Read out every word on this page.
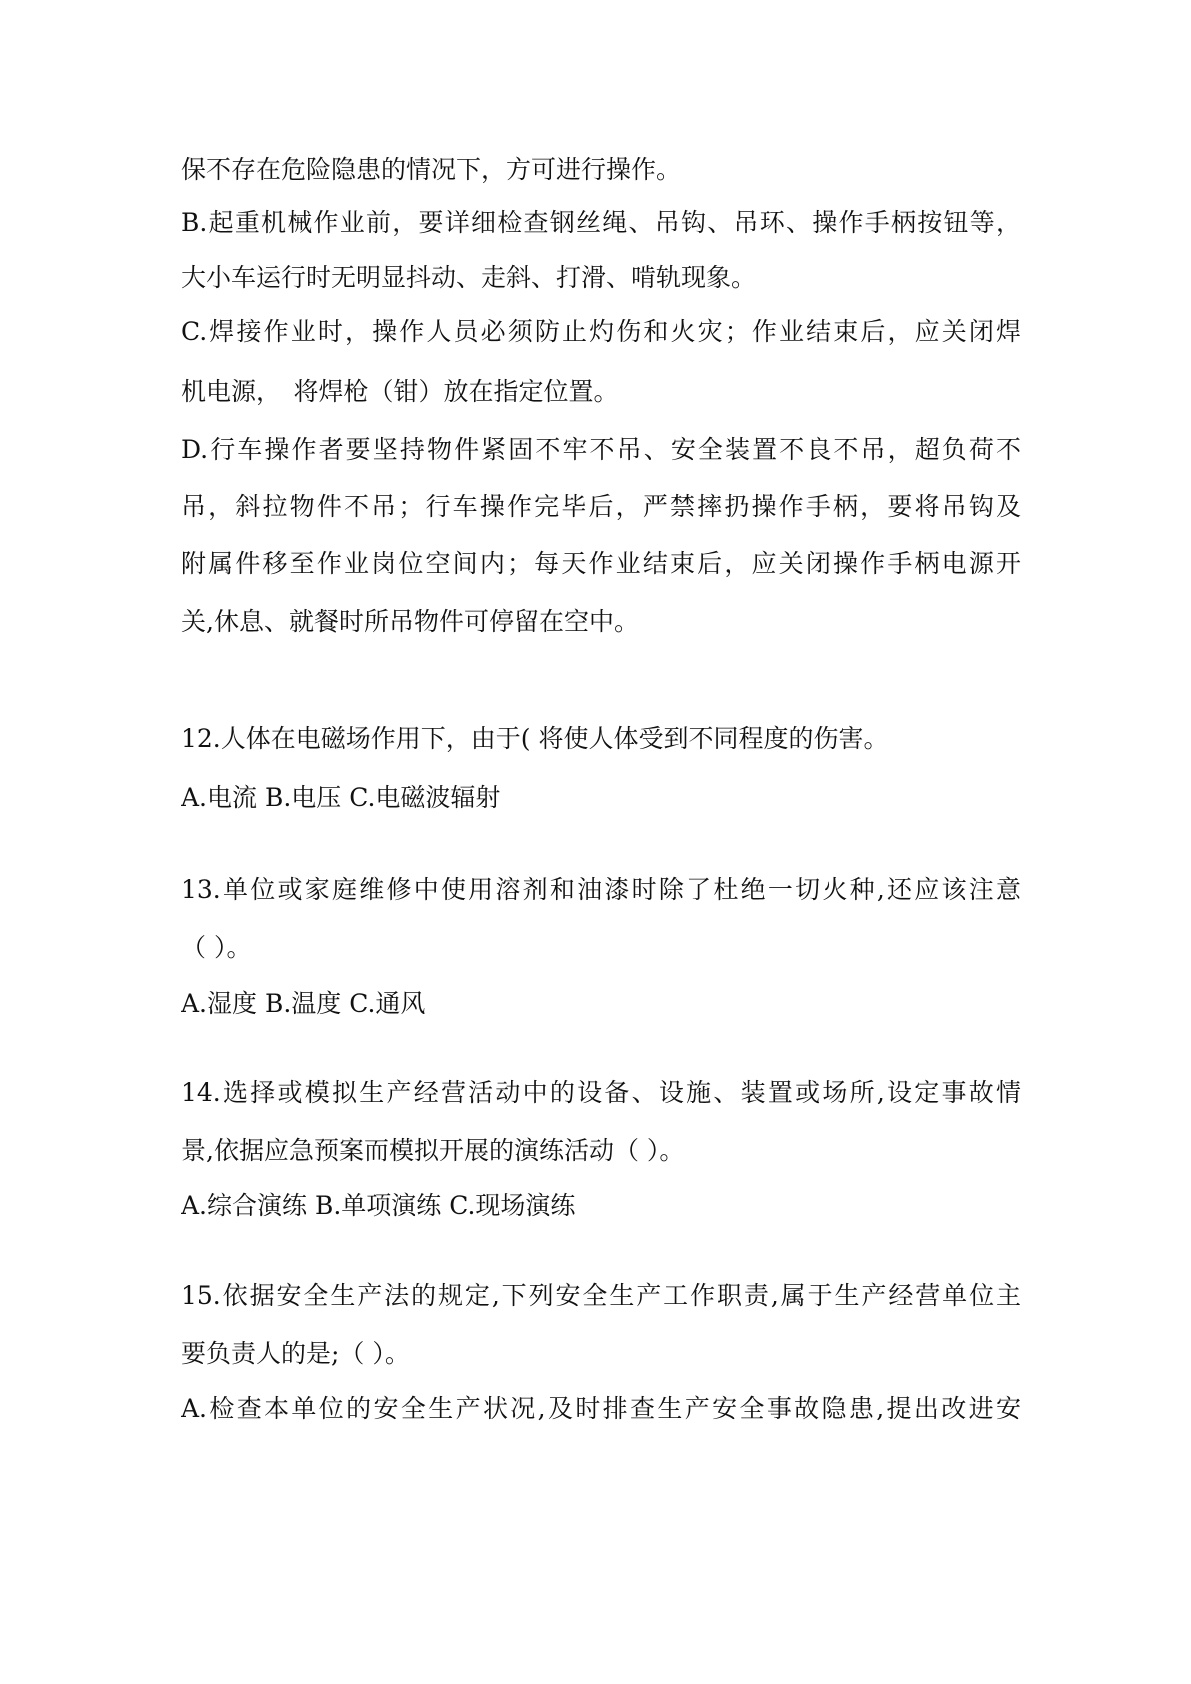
保不存在危险隐患的情况下，方可进行操作。
B.起重机械作业前，要详细检查钢丝绳、吊钩、吊环、操作手柄按钮等，
大小车运行时无明显抖动、走斜、打滑、啃轨现象。
C.焊接作业时，操作人员必须防止灼伤和火灾；作业结束后，应关闭焊
机电源，　将焊枪（钳）放在指定位置。
D.行车操作者要坚持物件紧固不牢不吊、安全装置不良不吊，超负荷不
吊，斜拉物件不吊；行车操作完毕后，严禁摔扔操作手柄，要将吊钩及
附属件移至作业岗位空间内；每天作业结束后，应关闭操作手柄电源开
关,休息、就餐时所吊物件可停留在空中。
12.人体在电磁场作用下，由于( 将使人体受到不同程度的伤害。
A.电流 B.电压 C.电磁波辐射
13.单位或家庭维修中使用溶剂和油漆时除了杜绝一切火种,还应该注意
（ ）。
A.湿度 B.温度 C.通风
14.选择或模拟生产经营活动中的设备、设施、装置或场所,设定事故情
景,依据应急预案而模拟开展的演练活动（ ）。
A.综合演练 B.单项演练 C.现场演练
15.依据安全生产法的规定,下列安全生产工作职责,属于生产经营单位主
要负责人的是;（ ）。
A.检查本单位的安全生产状况,及时排查生产安全事故隐患,提出改进安
